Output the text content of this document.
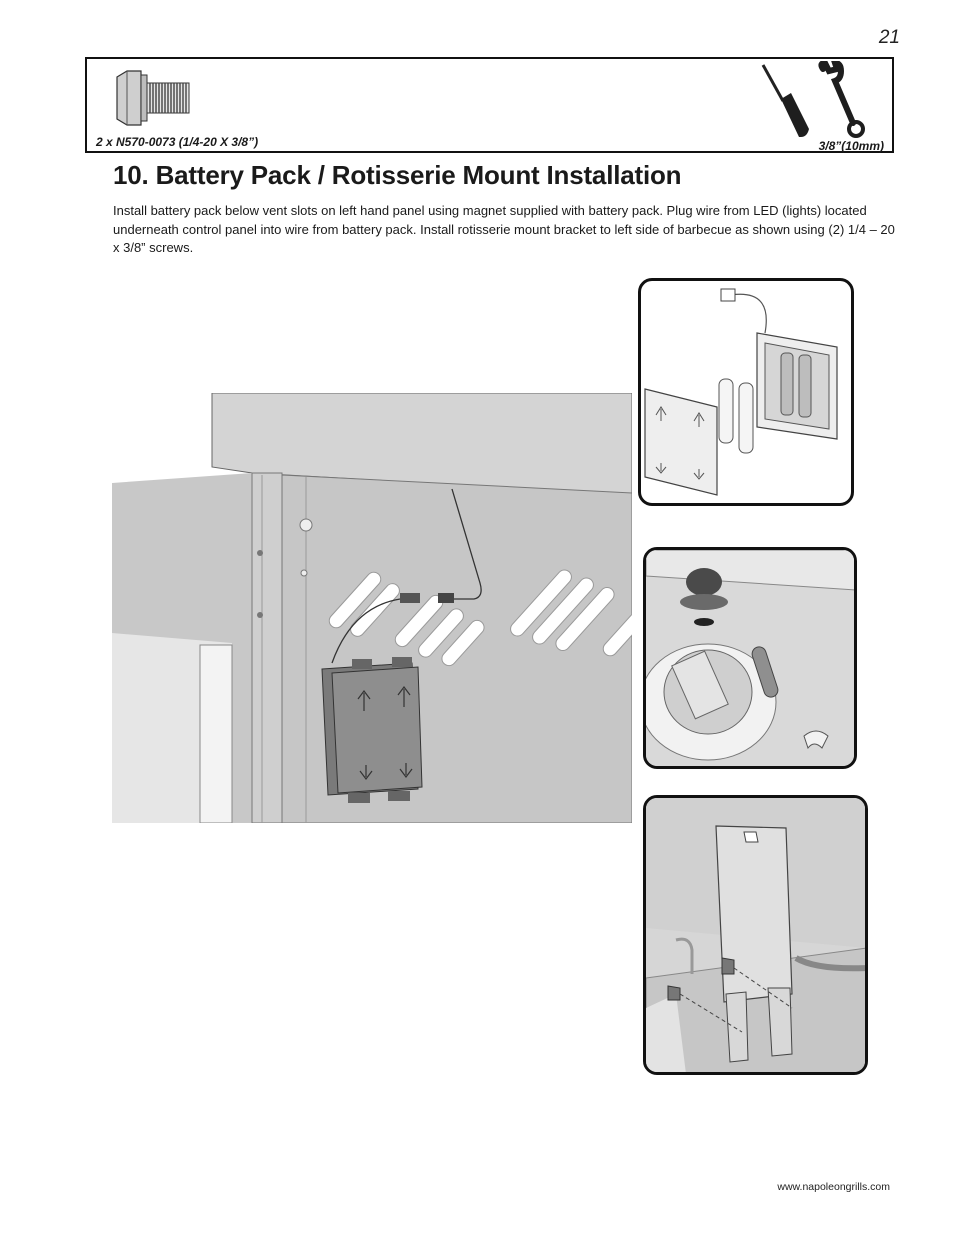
21
2 x N570-0073 (1/4-20 X 3/8”)	3/8”(10mm)
10. Battery Pack / Rotisserie Mount Installation
Install battery pack below vent slots on left hand panel using magnet supplied with battery pack. Plug wire from LED (lights) located underneath control panel into wire from battery pack. Install rotisserie mount bracket to left side of barbecue as shown using (2) 1/4 – 20 x 3/8” screws.
www.napoleongrills.com
